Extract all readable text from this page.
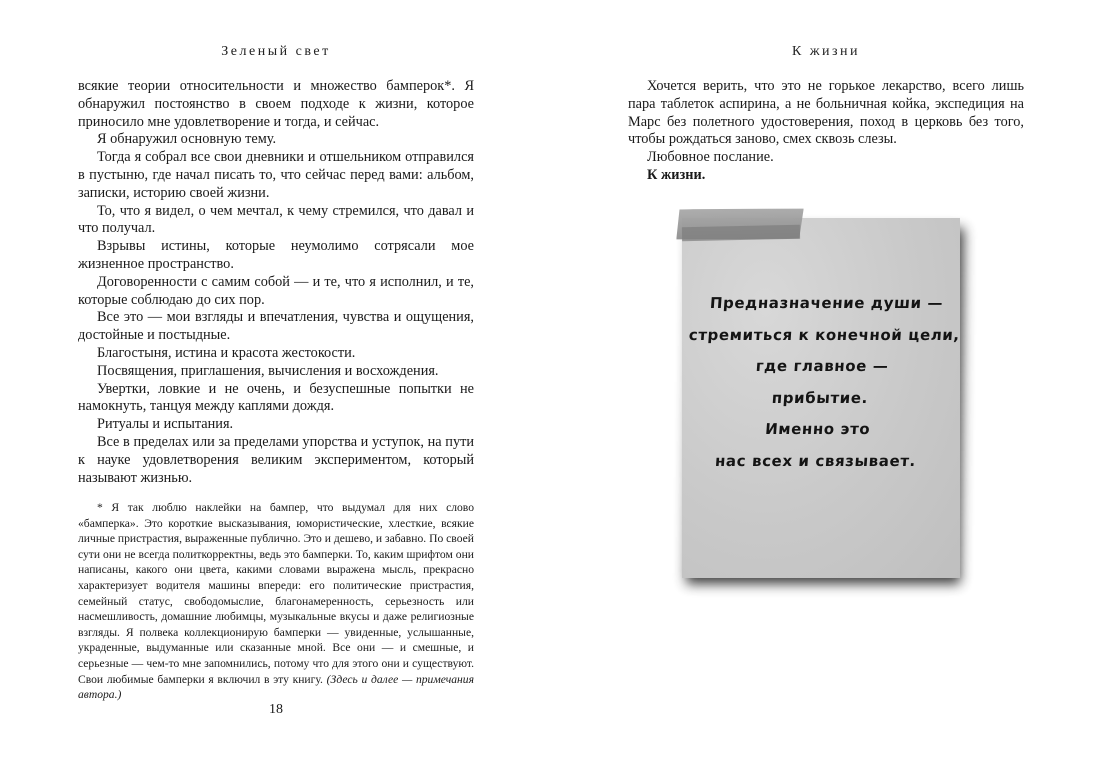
Зеленый свет

всякие теории относительности и множество бамперок*. Я обнаружил постоянство в своем подходе к жизни, которое приносило мне удовлетворение и тогда, и сейчас.

Я обнаружил основную тему.

Тогда я собрал все свои дневники и отшельником отправился в пустыню, где начал писать то, что сейчас перед вами: альбом, записки, историю своей жизни.

То, что я видел, о чем мечтал, к чему стремился, что давал и что получал.

Взрывы истины, которые неумолимо сотрясали мое жизненное пространство.

Договоренности с самим собой — и те, что я исполнил, и те, которые соблюдаю до сих пор.

Все это — мои взгляды и впечатления, чувства и ощущения, достойные и постыдные.

Благостыня, истина и красота жестокости.

Посвящения, приглашения, вычисления и восхождения.

Увертки, ловкие и не очень, и безуспешные попытки не намокнуть, танцуя между каплями дождя.

Ритуалы и испытания.

Все в пределах или за пределами упорства и уступок, на пути к науке удовлетворения великим экспериментом, который называют жизнью.

* Я так люблю наклейки на бампер, что выдумал для них слово «бамперка». Это короткие высказывания, юмористические, хлесткие, всякие личные пристрастия, выраженные публично. Это и дешево, и забавно. По своей сути они не всегда политкорректны, ведь это бамперки. То, каким шрифтом они написаны, какого они цвета, какими словами выражена мысль, прекрасно характеризует водителя машины впереди: его политические пристрастия, семейный статус, свободомыслие, благонамеренность, серьезность или насмешливость, домашние любимцы, музыкальные вкусы и даже религиозные взгляды. Я полвека коллекционирую бамперки — увиденные, услышанные, украденные, выдуманные или сказанные мной. Все они — и смешные, и серьезные — чем-то мне запомнились, потому что для этого они и существуют. Свои любимые бамперки я включил в эту книгу. (Здесь и далее — примечания автора.)
18
К жизни

Хочется верить, что это не горькое лекарство, всего лишь пара таблеток аспирина, а не больничная койка, экспедиция на Марс без полетного удостоверения, поход в церковь без того, чтобы рождаться заново, смех сквозь слезы.

Любовное послание.

К жизни.

Предназначение души —
стремиться к конечной цели,
где главное —
прибытие.
Именно это
нас всех и связывает.
